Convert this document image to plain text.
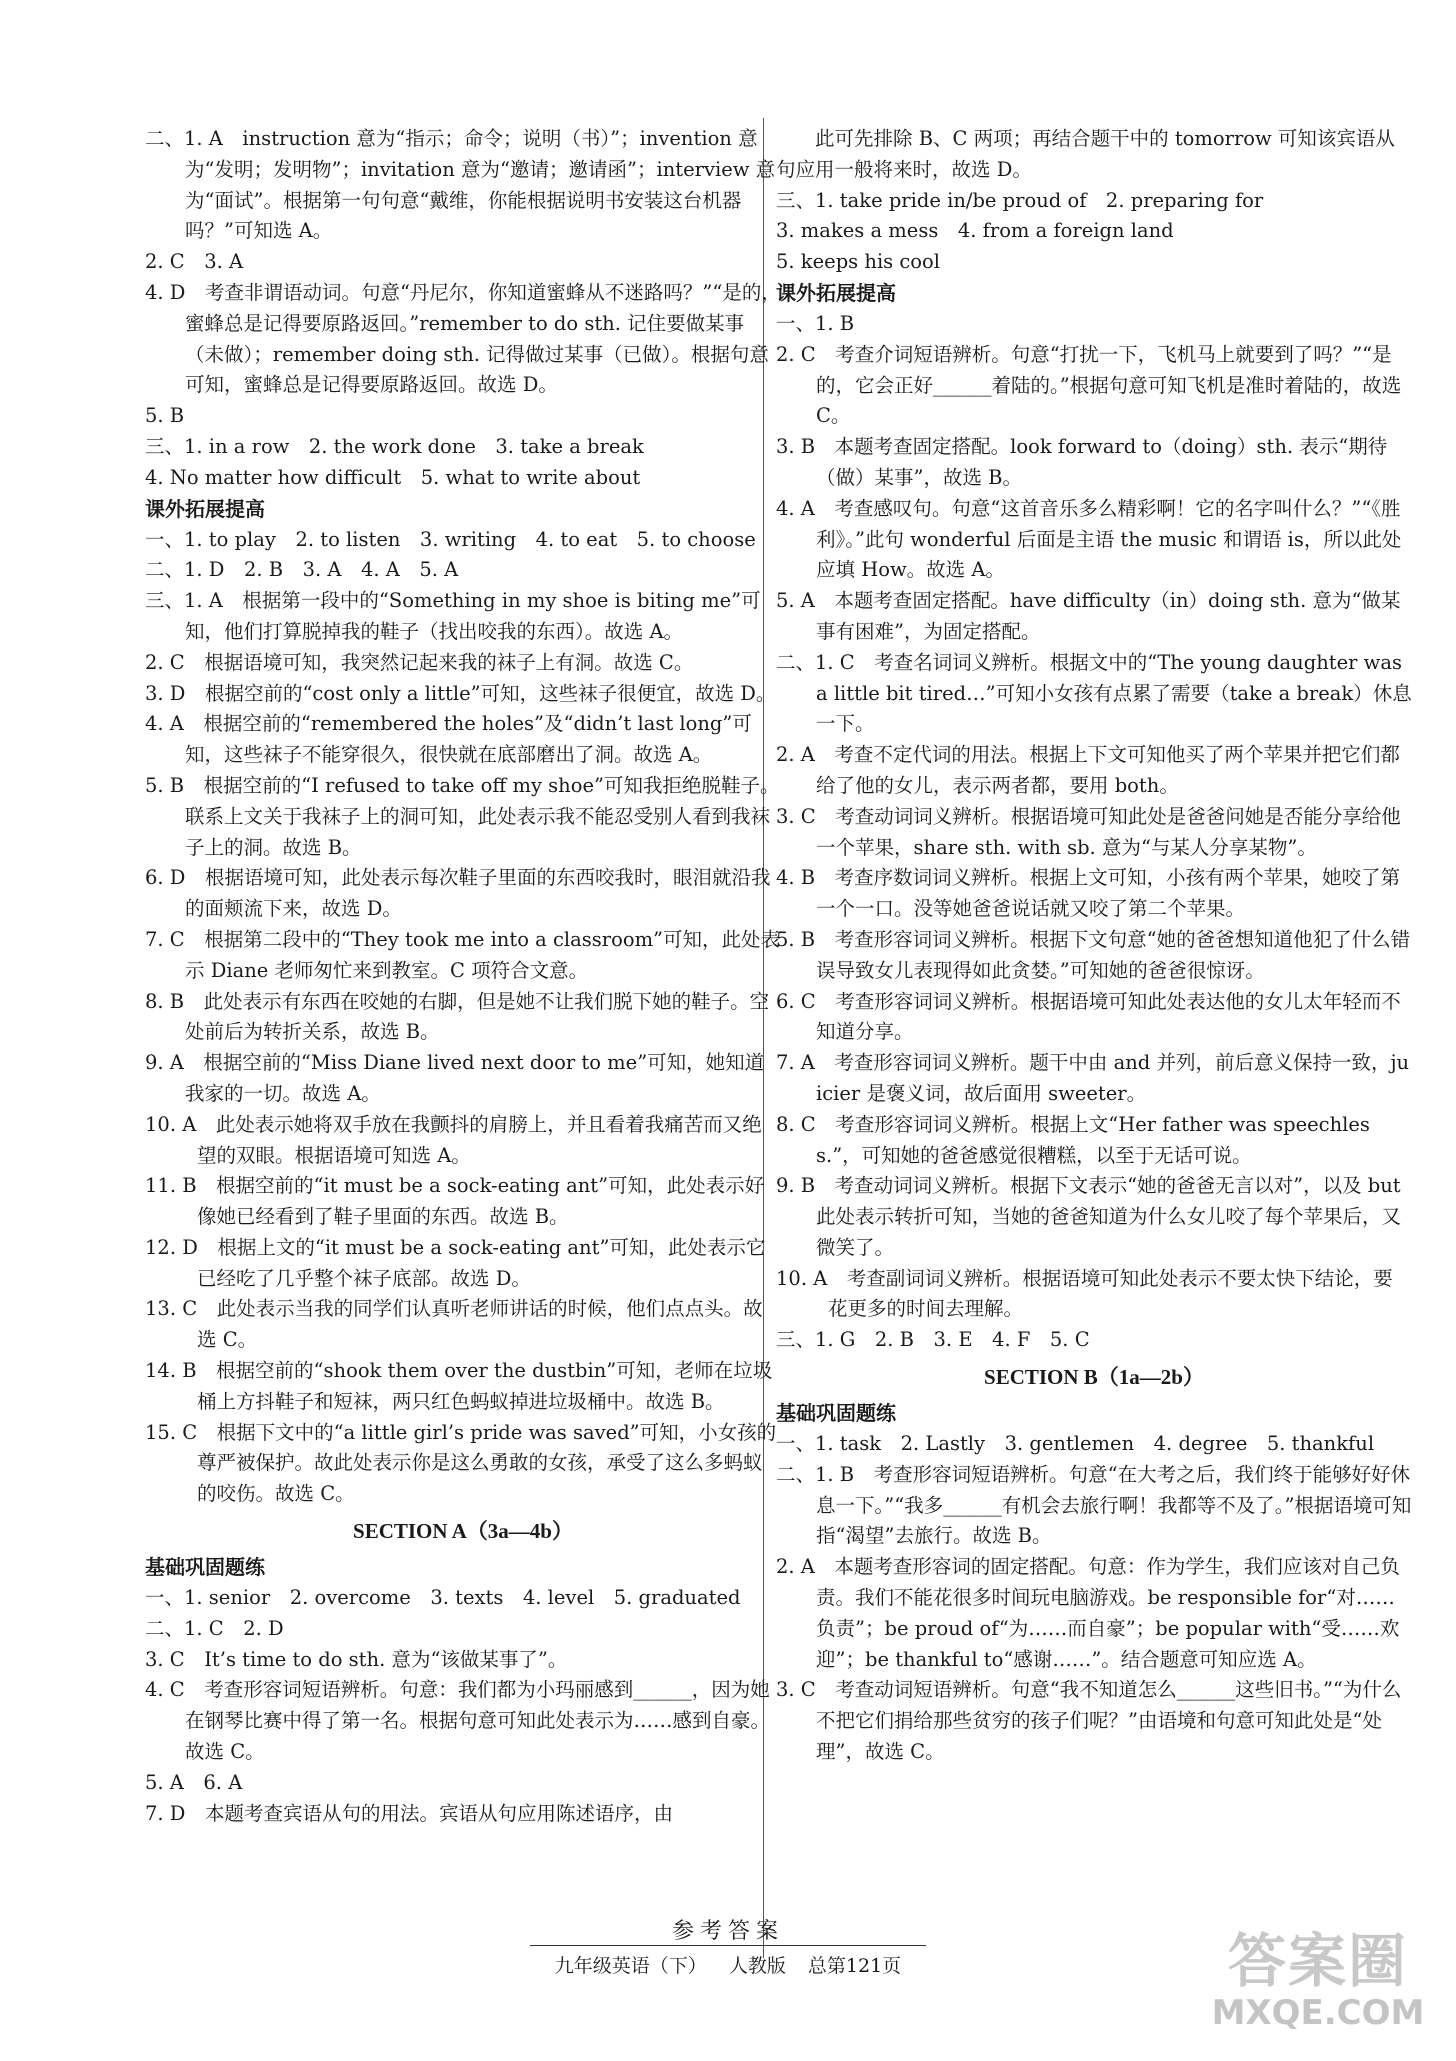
二、1. A　instruction 意为“指示；命令；说明（书）”；invention 意为“发明；发明物”；invitation 意为“邀请；邀请函”；interview 意为“面试”。根据第一句句意“戴维，你能根据说明书安装这台机器吗？”可知选 A。

2. C　3. A

4. D　考查非谓语动词。句意“丹尼尔，你知道蜜蜂从不迷路吗？”“是的，蜜蜂总是记得要原路返回。”remember to do sth. 记住要做某事（未做）；remember doing sth. 记得做过某事（已做）。根据句意可知，蜜蜂总是记得要原路返回。故选 D。

5. B

三、1. in a row　2. the work done　3. take a break

4. No matter how difficult　5. what to write about

课外拓展提高

一、1. to play　2. to listen　3. writing　4. to eat　5. to choose

二、1. D　2. B　3. A　4. A　5. A

三、1. A　根据第一段中的“Something in my shoe is biting me”可知，他们打算脱掉我的鞋子（找出咬我的东西）。故选 A。

2. C　根据语境可知，我突然记起来我的袜子上有洞。故选 C。

3. D　根据空前的“cost only a little”可知，这些袜子很便宜，故选 D。

4. A　根据空前的“remembered the holes”及“didn’t last long”可知，这些袜子不能穿很久，很快就在底部磨出了洞。故选 A。

5. B　根据空前的“I refused to take off my shoe”可知我拒绝脱鞋子。联系上文关于我袜子上的洞可知，此处表示我不能忍受别人看到我袜子上的洞。故选 B。

6. D　根据语境可知，此处表示每次鞋子里面的东西咬我时，眼泪就沿我的面颊流下来，故选 D。

7. C　根据第二段中的“They took me into a classroom”可知，此处表示 Diane 老师匆忙来到教室。C 项符合文意。

8. B　此处表示有东西在咬她的右脚，但是她不让我们脱下她的鞋子。空处前后为转折关系，故选 B。

9. A　根据空前的“Miss Diane lived next door to me”可知，她知道我家的一切。故选 A。

10. A　此处表示她将双手放在我颤抖的肩膀上，并且看着我痛苦而又绝望的双眼。根据语境可知选 A。

11. B　根据空前的“it must be a sock-eating ant”可知，此处表示好像她已经看到了鞋子里面的东西。故选 B。

12. D　根据上文的“it must be a sock-eating ant”可知，此处表示它已经吃了几乎整个袜子底部。故选 D。

13. C　此处表示当我的同学们认真听老师讲话的时候，他们点点头。故选 C。

14. B　根据空前的“shook them over the dustbin”可知，老师在垃圾桶上方抖鞋子和短袜，两只红色蚂蚁掉进垃圾桶中。故选 B。

15. C　根据下文中的“a little girl’s pride was saved”可知，小女孩的尊严被保护。故此处表示你是这么勇敢的女孩，承受了这么多蚂蚁的咬伤。故选 C。

SECTION A（3a—4b）
基础巩固题练

一、1. senior　2. overcome　3. texts　4. level　5. graduated

二、1. C　2. D

3. C　It’s time to do sth. 意为“该做某事了”。

4. C　考查形容词短语辨析。句意：我们都为小玛丽感到______，因为她在钢琴比赛中得了第一名。根据句意可知此处表示为……感到自豪。故选 C。

5. A　6. A

7. D　本题考查宾语从句的用法。宾语从句应用陈述语序，由

　　此可先排除 B、C 两项；再结合题干中的 tomorrow 可知该宾语从句应用一般将来时，故选 D。

三、1. take pride in/be proud of　2. preparing for

3. makes a mess　4. from a foreign land

5. keeps his cool

课外拓展提高

一、1. B

2. C　考查介词短语辨析。句意“打扰一下，飞机马上就要到了吗？”“是的，它会正好______着陆的。”根据句意可知飞机是准时着陆的，故选 C。

3. B　本题考查固定搭配。look forward to（doing）sth. 表示“期待（做）某事”，故选 B。

4. A　考查感叹句。句意“这首音乐多么精彩啊！它的名字叫什么？”“《胜利》。”此句 wonderful 后面是主语 the music 和谓语 is，所以此处应填 How。故选 A。

5. A　本题考查固定搭配。have difficulty（in）doing sth. 意为“做某事有困难”，为固定搭配。

二、1. C　考查名词词义辨析。根据文中的“The young daughter was a little bit tired…”可知小女孩有点累了需要（take a break）休息一下。

2. A　考查不定代词的用法。根据上下文可知他买了两个苹果并把它们都给了他的女儿，表示两者都，要用 both。

3. C　考查动词词义辨析。根据语境可知此处是爸爸问她是否能分享给他一个苹果，share sth. with sb. 意为“与某人分享某物”。

4. B　考查序数词词义辨析。根据上文可知，小孩有两个苹果，她咬了第一个一口。没等她爸爸说话就又咬了第二个苹果。

5. B　考查形容词词义辨析。根据下文句意“她的爸爸想知道他犯了什么错误导致女儿表现得如此贪婪。”可知她的爸爸很惊讶。

6. C　考查形容词词义辨析。根据语境可知此处表达他的女儿太年轻而不知道分享。

7. A　考查形容词词义辨析。题干中由 and 并列，前后意义保持一致，juicier 是褒义词，故后面用 sweeter。

8. C　考查形容词词义辨析。根据上文“Her father was speechless.”，可知她的爸爸感觉很糟糕，以至于无话可说。

9. B　考查动词词义辨析。根据下文表示“她的爸爸无言以对”，以及 but 此处表示转折可知，当她的爸爸知道为什么女儿咬了每个苹果后，又微笑了。

10. A　考查副词词义辨析。根据语境可知此处表示不要太快下结论，要花更多的时间去理解。

三、1. G　2. B　3. E　4. F　5. C

SECTION B（1a—2b）
基础巩固题练

一、1. task　2. Lastly　3. gentlemen　4. degree　5. thankful

二、1. B　考查形容词短语辨析。句意“在大考之后，我们终于能够好好休息一下。”“我多______有机会去旅行啊！我都等不及了。”根据语境可知指“渴望”去旅行。故选 B。

2. A　本题考查形容词的固定搭配。句意：作为学生，我们应该对自己负责。我们不能花很多时间玩电脑游戏。be responsible for“对……负责”；be proud of“为……而自豪”；be popular with“受……欢迎”；be thankful to“感谢……”。结合题意可知应选 A。

3. C　考查动词短语辨析。句意“我不知道怎么______这些旧书。”“为什么不把它们捐给那些贫穷的孩子们呢？”由语境和句意可知此处是“处理”，故选 C。

参考答案
九年级英语（下） 人教版 总第121页	答案圈
MXQE.COM
